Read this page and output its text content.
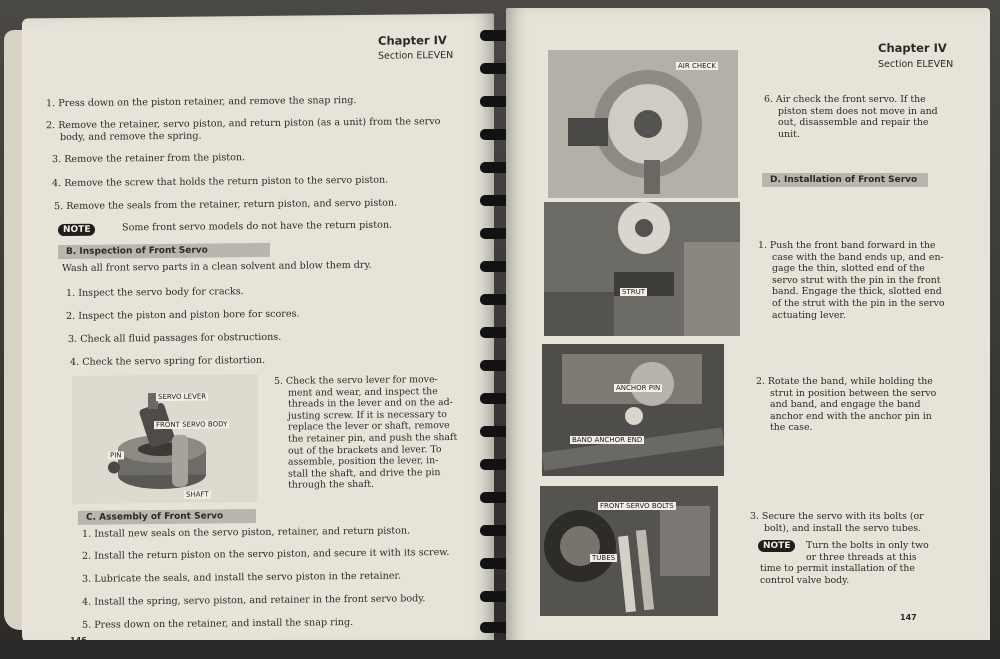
Chapter IV
Section ELEVEN
1. Press down on the piston retainer, and remove the snap ring.
2. Remove the retainer, servo piston, and return piston (as a unit) from the servo
body, and remove the spring.
3. Remove the retainer from the piston.
4. Remove the screw that holds the return piston to the servo piston.
5. Remove the seals from the retainer, return piston, and servo piston.
NOTE	Some front servo models do not have the return piston.
B. Inspection of Front Servo
Wash all front servo parts in a clean solvent and blow them dry.
1. Inspect the servo body for cracks.
2. Inspect the piston and piston bore for scores.
3. Check all fluid passages for obstructions.
4. Check the servo spring for distortion.
SERVO LEVER
FRONT SERVO BODY
PIN
SHAFT
5. Check the servo lever for move-
ment and wear, and inspect the
threads in the lever and on the ad-
justing screw. If it is necessary to
replace the lever or shaft, remove
the retainer pin, and push the shaft
out of the brackets and lever. To
assemble, position the lever, in-
stall the shaft, and drive the pin
through the shaft.
C. Assembly of Front Servo
1. Install new seals on the servo piston, retainer, and return piston.
2. Install the return piston on the servo piston, and secure it with its screw.
3. Lubricate the seals, and install the servo piston in the retainer.
4. Install the spring, servo piston, and retainer in the front servo body.
5. Press down on the retainer, and install the snap ring.
Chapter IV
Section ELEVEN
AIR CHECK
STRUT
ANCHOR PIN
BAND ANCHOR END
FRONT SERVO BOLTS
TUBES
6. Air check the front servo. If the
piston stem does not move in and
out, disassemble and repair the
unit.
D. Installation of Front Servo
1. Push the front band forward in the
case with the band ends up, and en-
gage the thin, slotted end of the
servo strut with the pin in the front
band. Engage the thick, slotted end
of the strut with the pin in the servo
actuating lever.
2. Rotate the band, while holding the
strut in position between the servo
and band, and engage the band
anchor end with the anchor pin in
the case.
3. Secure the servo with its bolts (or
bolt), and install the servo tubes.
NOTE	Turn the bolts in only two
or three threads at this
time to permit installation of the
control valve body.
147
